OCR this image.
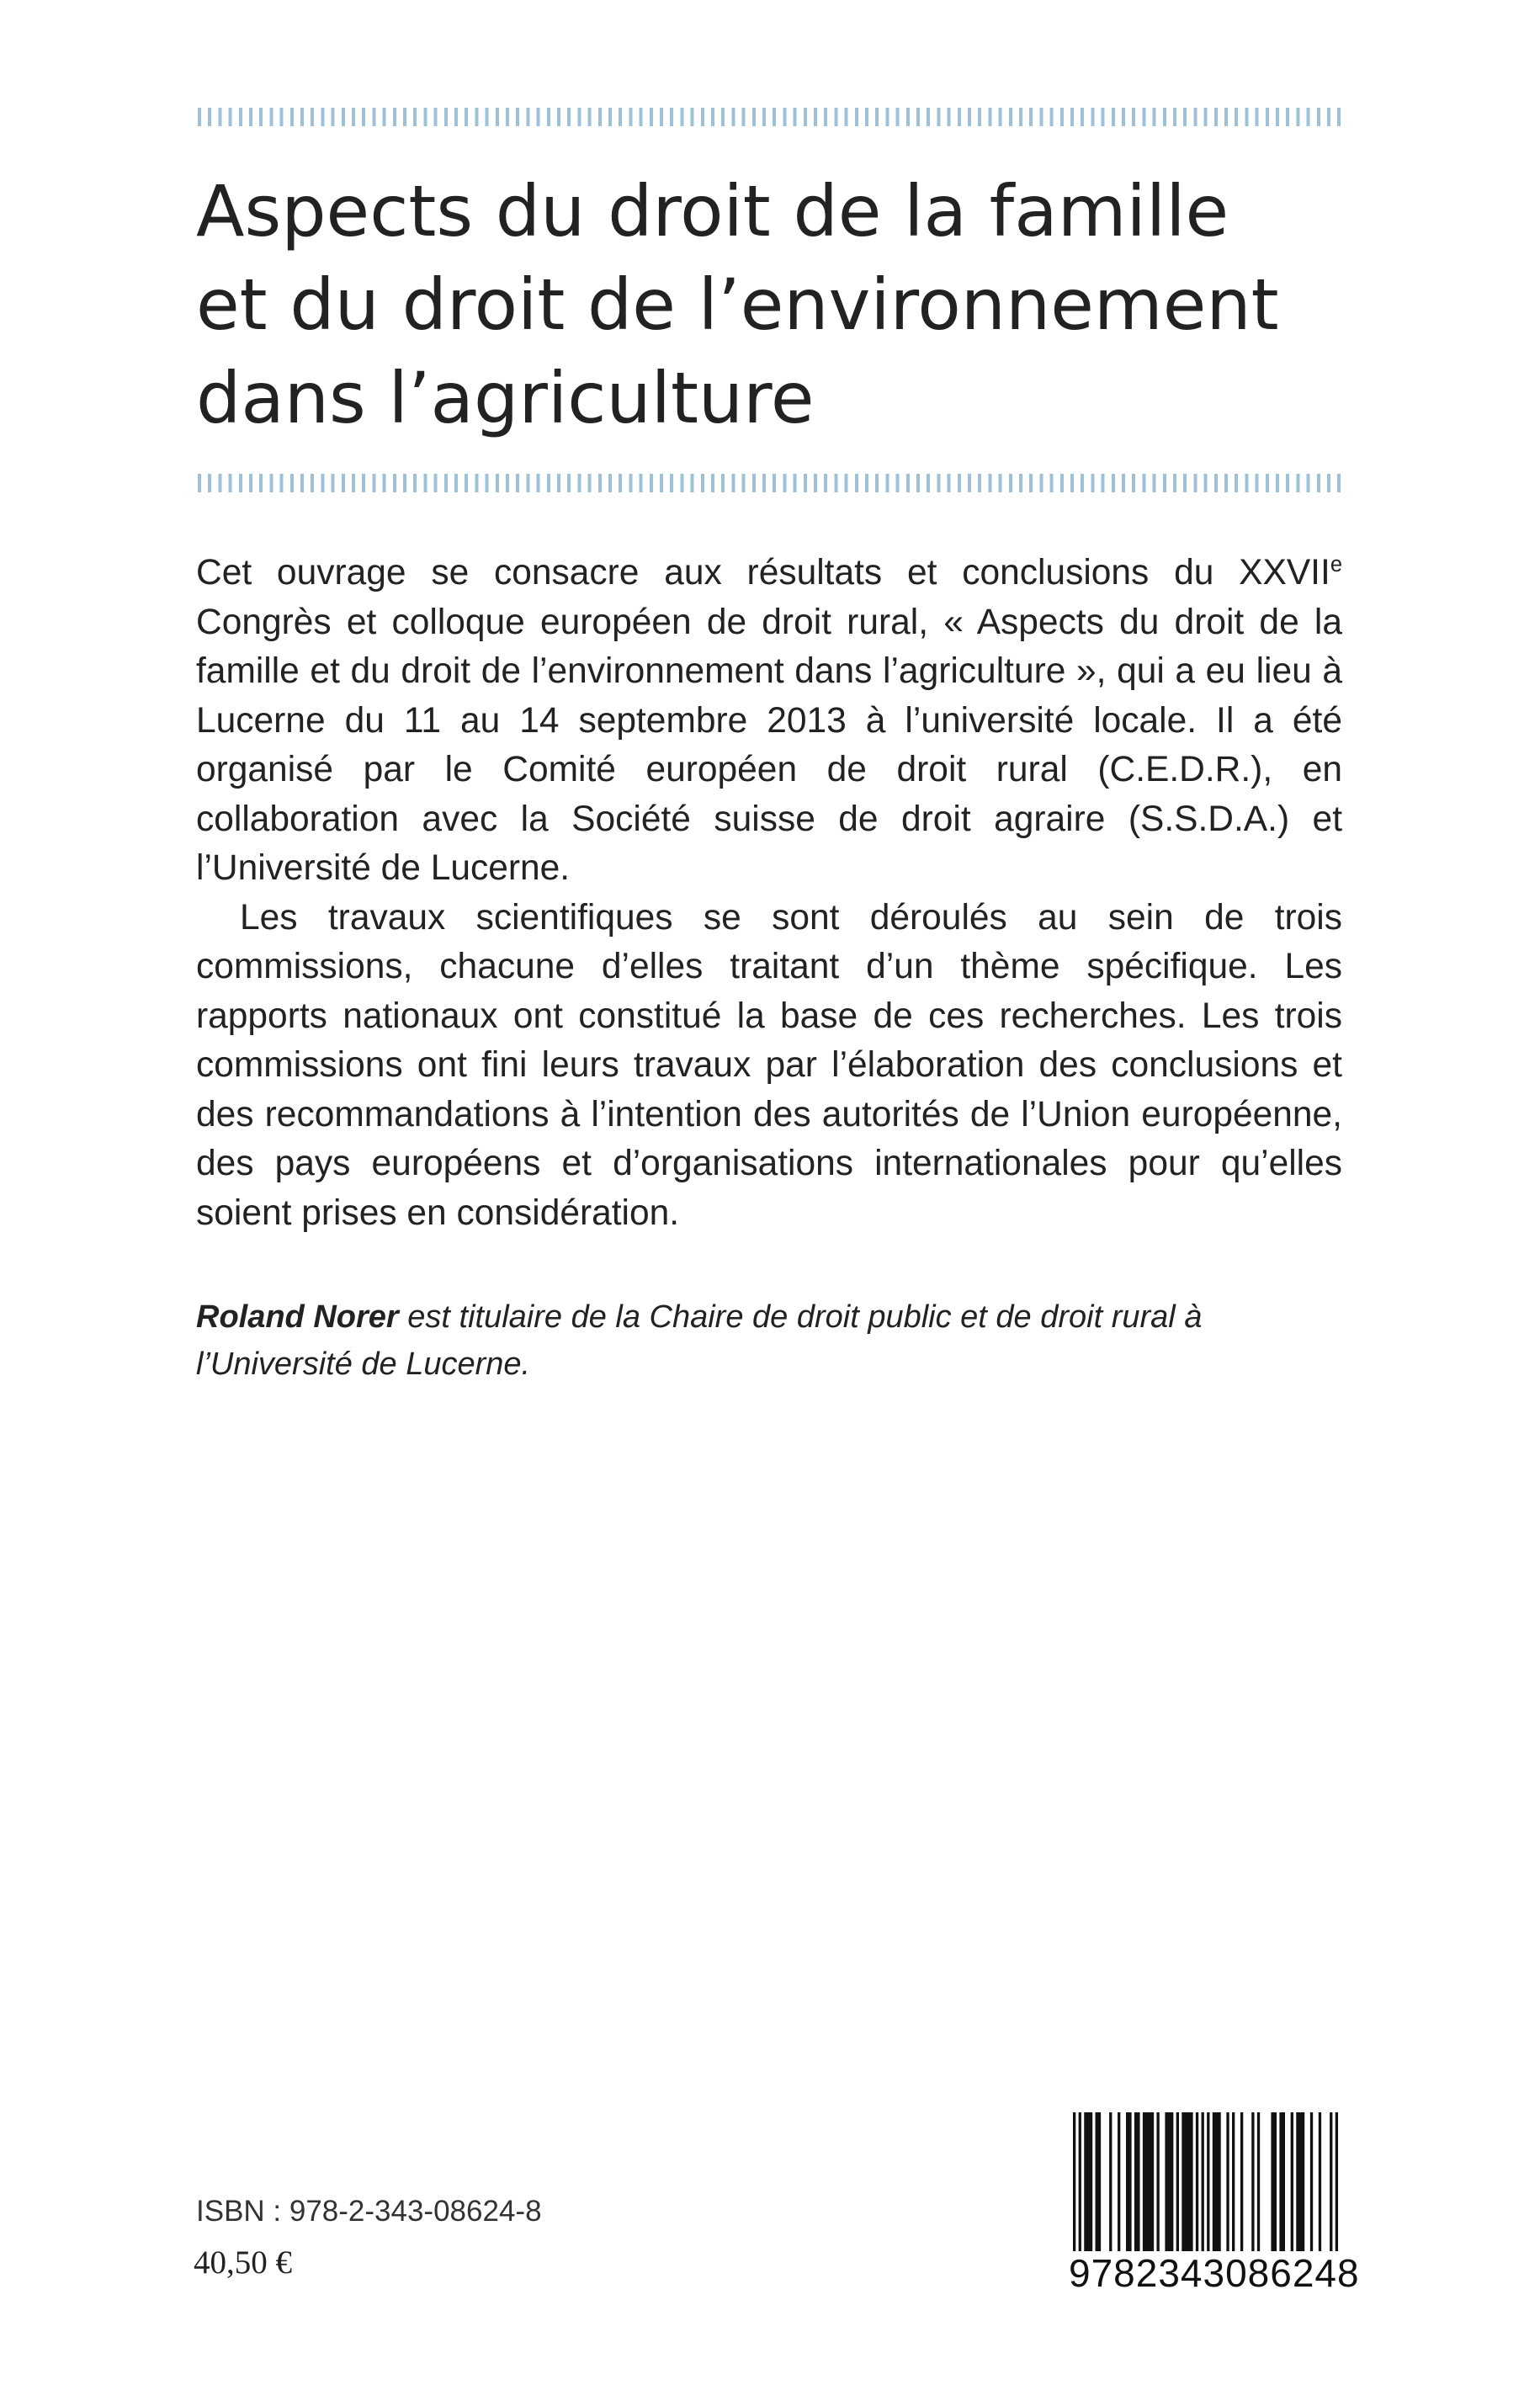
Aspects du droit de la famille
et du droit de l’environnement
dans l’agriculture

Cet ouvrage se consacre aux résultats et conclusions du XXVIIe Congrès et colloque européen de droit rural, « Aspects du droit de la famille et du droit de l’environnement dans l’agriculture », qui a eu lieu à Lucerne du 11 au 14 septembre 2013 à l’université locale. Il a été organisé par le Comité européen de droit rural (C.E.D.R.), en collaboration avec la Société suisse de droit agraire (S.S.D.A.) et l’Université de Lucerne.

Les travaux scientifiques se sont déroulés au sein de trois commissions, chacune d’elles traitant d’un thème spécifique. Les rapports nationaux ont constitué la base de ces recherches. Les trois commissions ont fini leurs travaux par l’élaboration des conclusions et des recommandations à l’intention des autorités de l’Union européenne, des pays européens et d’organisations internationales pour qu’elles soient prises en considération.

Roland Norer est titulaire de la Chaire de droit public et de droit rural à l’Université de Lucerne.
ISBN : 978-2-343-08624-8
40,50 €	9782343086248
